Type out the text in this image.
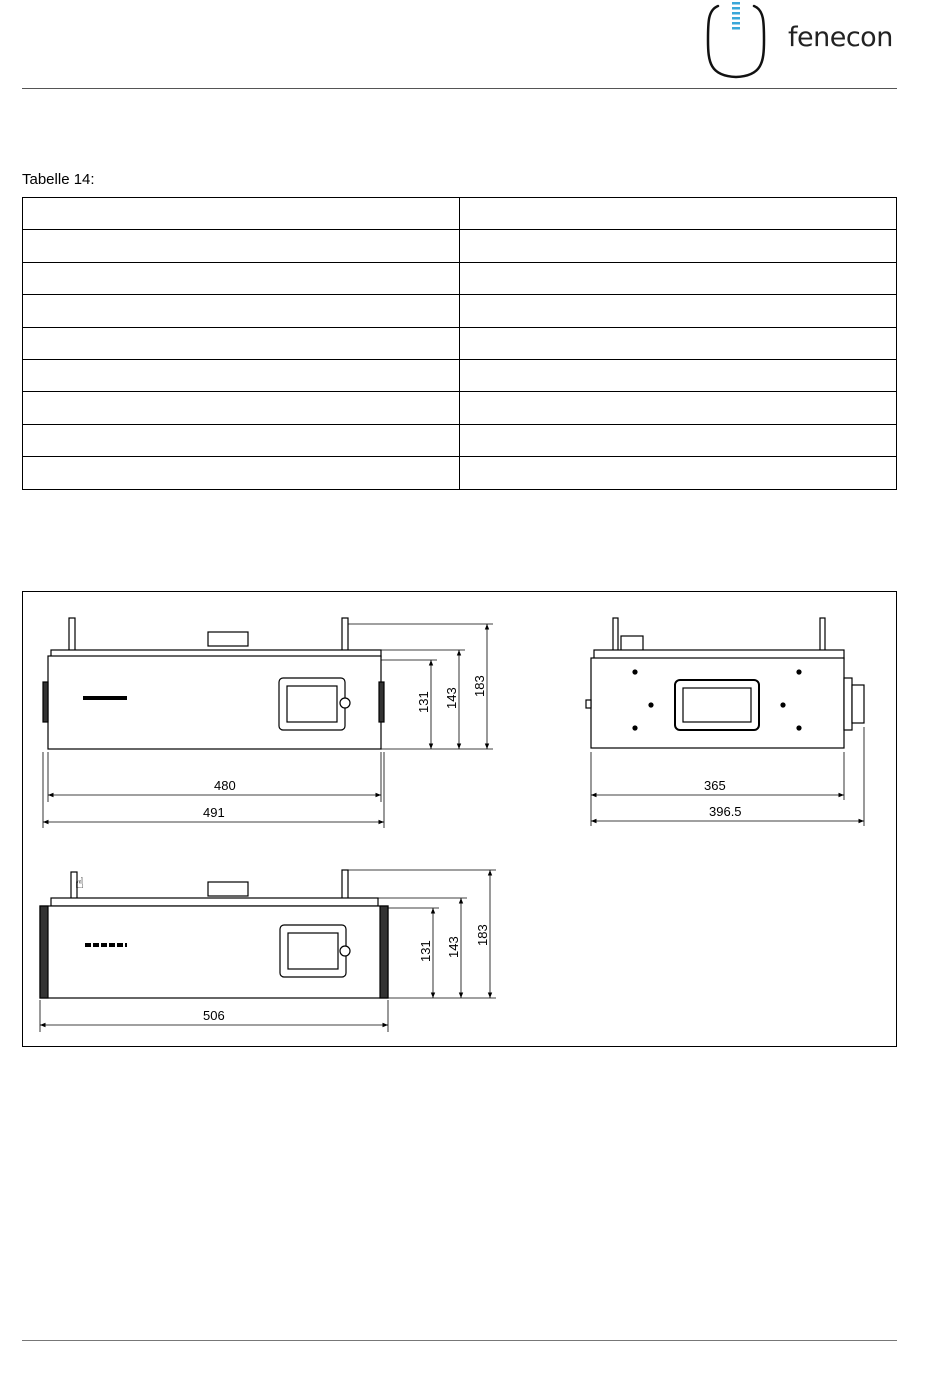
fenecon
Tabelle 14:

480
491
131 143
183
365
396.5
☝
506
131 143
183
